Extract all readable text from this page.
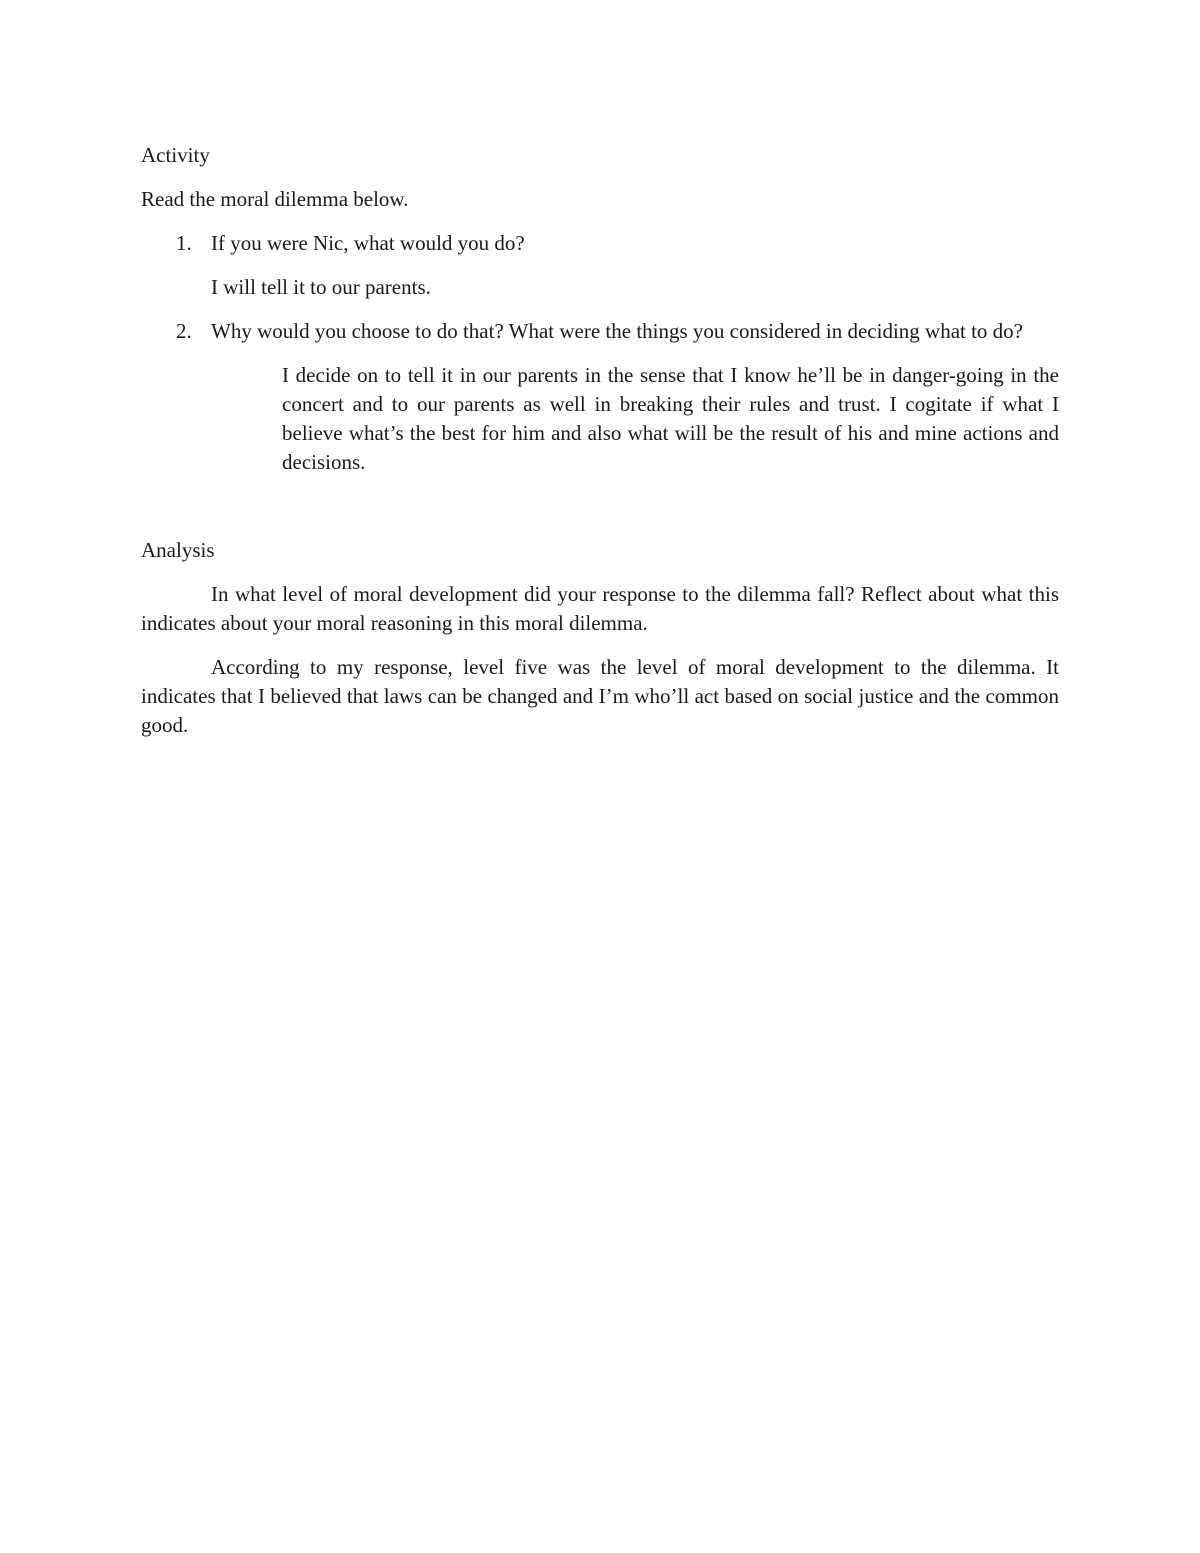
Activity

Read the moral dilemma below.

1. If you were Nic, what would you do?
I will tell it to our parents.
2. Why would you choose to do that? What were the things you considered in deciding what to do?
I decide on to tell it in our parents in the sense that I know he’ll be in danger-going in the concert and to our parents as well in breaking their rules and trust. I cogitate if what I believe what’s the best for him and also what will be the result of his and mine actions and decisions.
Analysis

In what level of moral development did your response to the dilemma fall? Reflect about what this indicates about your moral reasoning in this moral dilemma.

According to my response, level five was the level of moral development to the dilemma. It indicates that I believed that laws can be changed and I’m who’ll act based on social justice and the common good.
